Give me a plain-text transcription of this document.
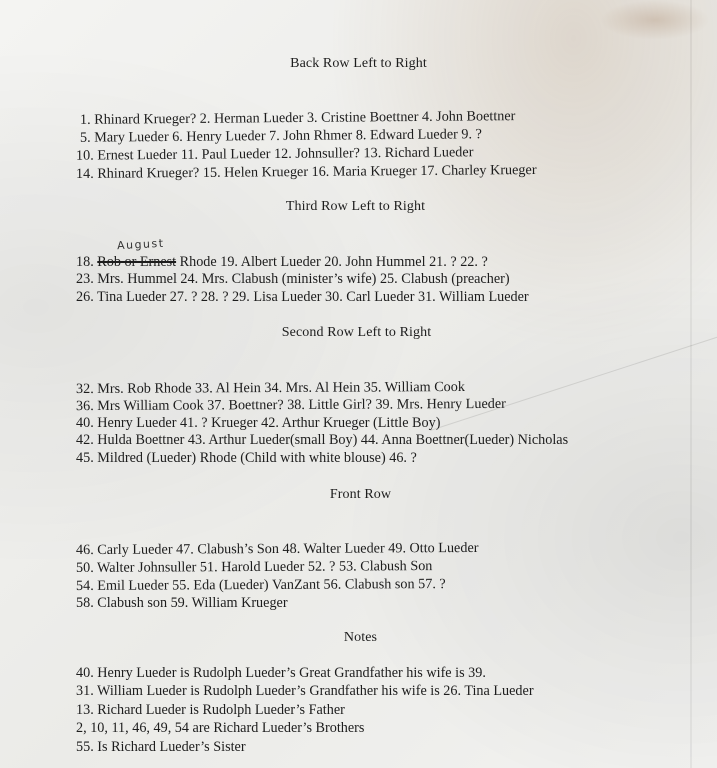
Back Row Left to Right
1. Rhinard Krueger? 2. Herman Lueder 3. Cristine Boettner 4. John Boettner
5. Mary Lueder 6. Henry Lueder 7. John Rhmer 8. Edward Lueder 9. ?
10. Ernest Lueder 11. Paul Lueder 12. Johnsuller? 13. Richard Lueder
14. Rhinard Krueger? 15. Helen Krueger 16. Maria Krueger 17. Charley Krueger
Third Row Left to Right
August
18. Rob or Ernest Rhode 19. Albert Lueder 20. John Hummel 21. ? 22. ?
23. Mrs. Hummel 24. Mrs. Clabush (minister’s wife) 25. Clabush (preacher)
26. Tina Lueder 27. ? 28. ? 29. Lisa Lueder 30. Carl Lueder 31. William Lueder
Second Row Left to Right
32. Mrs. Rob Rhode 33. Al Hein 34. Mrs. Al Hein 35. William Cook
36. Mrs William Cook 37. Boettner? 38. Little Girl? 39. Mrs. Henry Lueder
40. Henry Lueder 41. ? Krueger 42. Arthur Krueger (Little Boy)
42. Hulda Boettner 43. Arthur Lueder(small Boy) 44. Anna Boettner(Lueder) Nicholas
45. Mildred (Lueder) Rhode (Child with white blouse) 46. ?
Front Row
46. Carly Lueder 47. Clabush’s Son 48. Walter Lueder 49. Otto Lueder
50. Walter Johnsuller 51. Harold Lueder 52. ? 53. Clabush Son
54. Emil Lueder 55. Eda (Lueder) VanZant 56. Clabush son 57. ?
58. Clabush son 59. William Krueger
Notes
40. Henry Lueder is Rudolph Lueder’s Great Grandfather his wife is 39.
31. William Lueder is Rudolph Lueder’s Grandfather his wife is 26. Tina Lueder
13. Richard Lueder is Rudolph Lueder’s Father
2, 10, 11, 46, 49, 54 are Richard Lueder’s Brothers
55. Is Richard Lueder’s Sister
